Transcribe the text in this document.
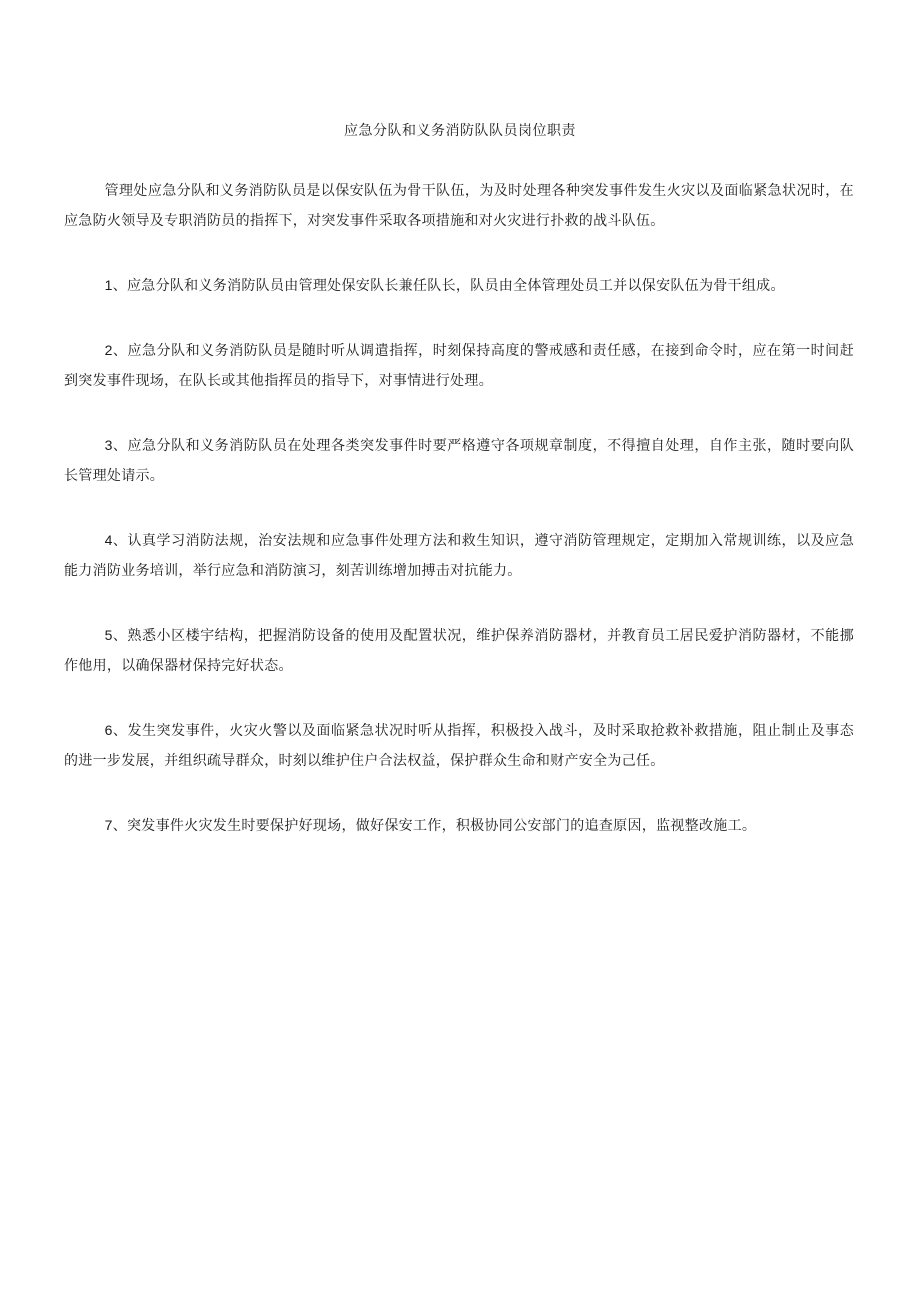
应急分队和义务消防队队员岗位职责

管理处应急分队和义务消防队员是以保安队伍为骨干队伍，为及时处理各种突发事件发生火灾以及面临紧急状况时，在应急防火领导及专职消防员的指挥下，对突发事件采取各项措施和对火灾进行扑救的战斗队伍。

1、应急分队和义务消防队员由管理处保安队长兼任队长，队员由全体管理处员工并以保安队伍为骨干组成。

2、应急分队和义务消防队员是随时听从调遣指挥，时刻保持高度的警戒感和责任感，在接到命令时，应在第一时间赶到突发事件现场，在队长或其他指挥员的指导下，对事情进行处理。

3、应急分队和义务消防队员在处理各类突发事件时要严格遵守各项规章制度，不得擅自处理，自作主张，随时要向队长管理处请示。

4、认真学习消防法规，治安法规和应急事件处理方法和救生知识，遵守消防管理规定，定期加入常规训练，以及应急能力消防业务培训，举行应急和消防演习，刻苦训练增加搏击对抗能力。

5、熟悉小区楼宇结构，把握消防设备的使用及配置状况，维护保养消防器材，并教育员工居民爱护消防器材，不能挪作他用，以确保器材保持完好状态。

6、发生突发事件，火灾火警以及面临紧急状况时听从指挥，积极投入战斗，及时采取抢救补救措施，阻止制止及事态的进一步发展，并组织疏导群众，时刻以维护住户合法权益，保护群众生命和财产安全为己任。

7、突发事件火灾发生时要保护好现场，做好保安工作，积极协同公安部门的追查原因，监视整改施工。
